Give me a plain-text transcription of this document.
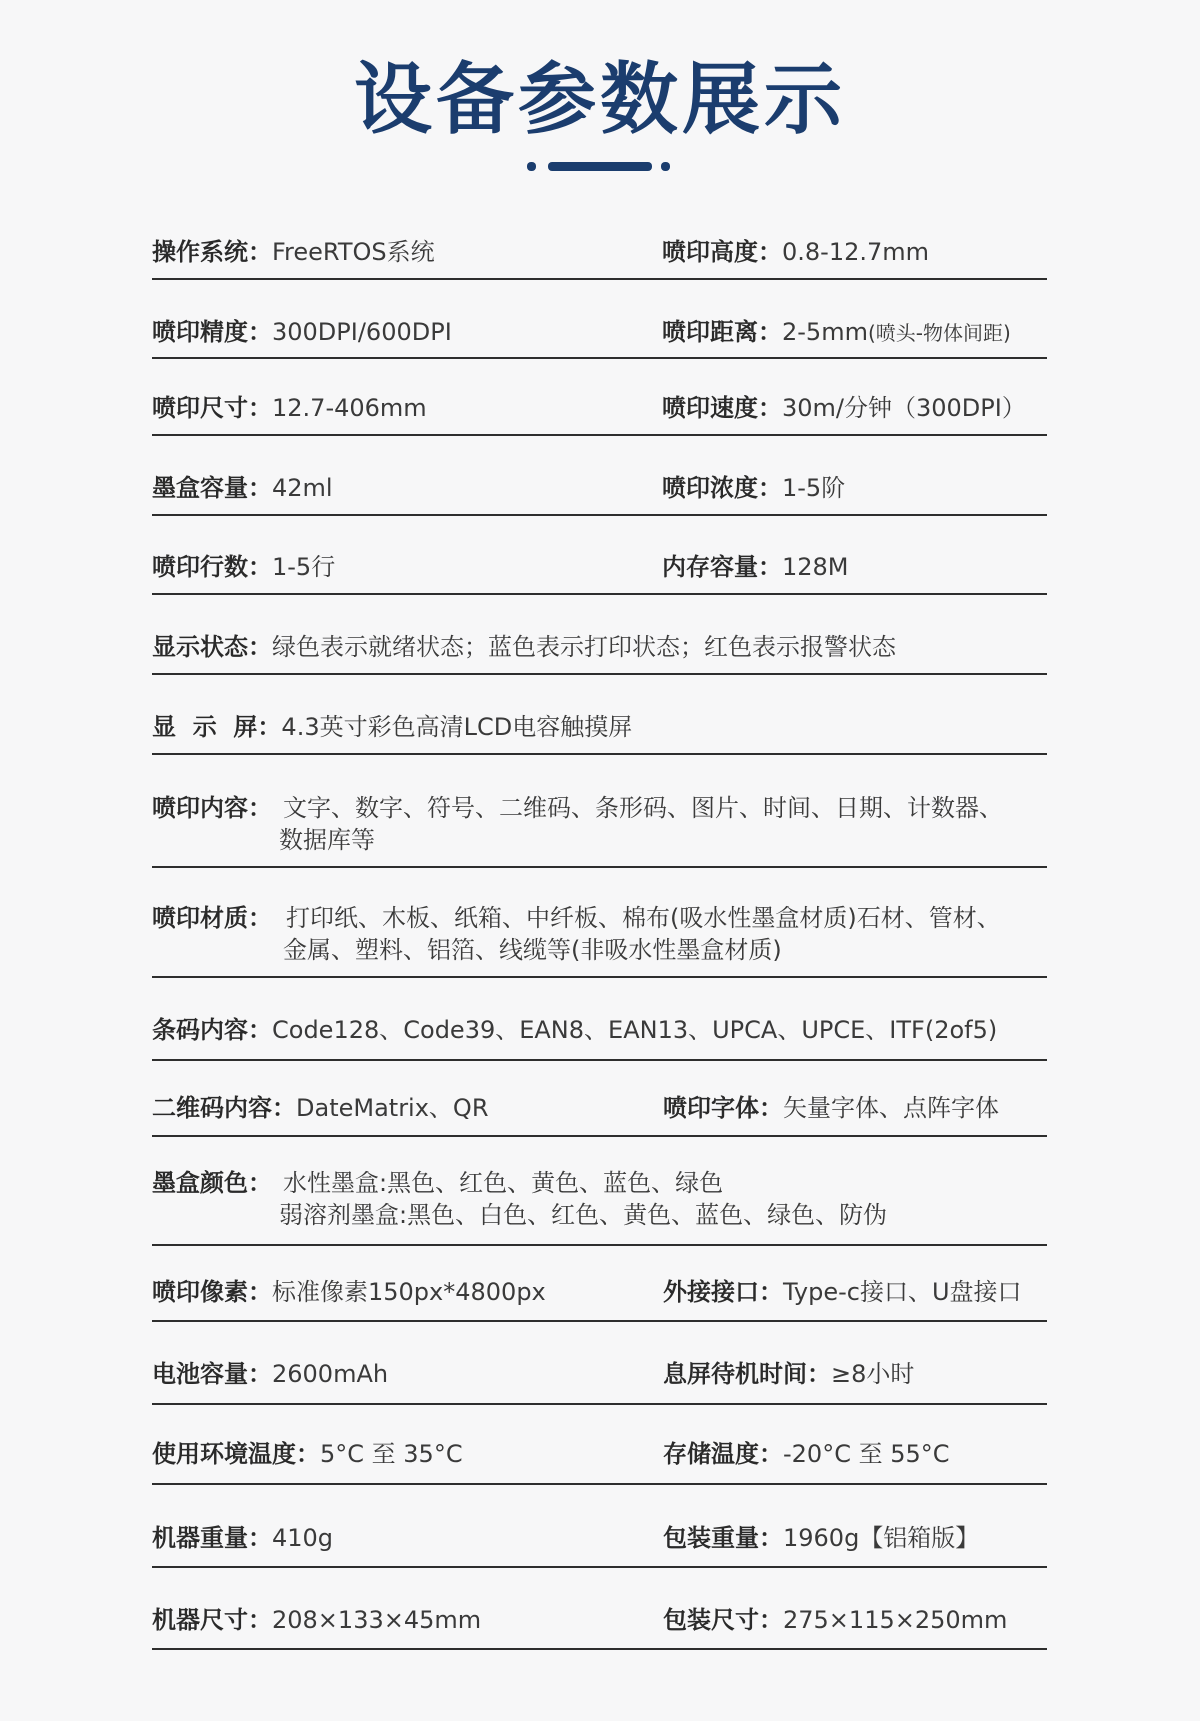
设备参数展示
操作系统：FreeRTOS系统	喷印高度：0.8-12.7mm
喷印精度：300DPI/600DPI	喷印距离：2-5mm(喷头-物体间距)
喷印尺寸：12.7-406mm	喷印速度：30m/分钟（300DPI）
墨盒容量：42ml	喷印浓度：1-5阶
喷印行数：1-5行	内存容量：128M
显示状态：绿色表示就绪状态；蓝色表示打印状态；红色表示报警状态
显  示  屏：4.3英寸彩色高清LCD电容触摸屏
喷印内容： 文字、数字、符号、二维码、条形码、图片、时间、日期、计数器、
数据库等
喷印材质： 打印纸、木板、纸箱、中纤板、棉布(吸水性墨盒材质)石材、管材、
金属、塑料、铝箔、线缆等(非吸水性墨盒材质)
条码内容：Code128、Code39、EAN8、EAN13、UPCA、UPCE、ITF(2of5)
二维码内容：DateMatrix、QR	喷印字体：矢量字体、点阵字体
墨盒颜色： 水性墨盒:黑色、红色、黄色、蓝色、绿色
弱溶剂墨盒:黑色、白色、红色、黄色、蓝色、绿色、防伪
喷印像素：标准像素150px*4800px	外接接口：Type-c接口、U盘接口
电池容量：2600mAh	息屏待机时间：≥8小时
使用环境温度：5°C 至 35°C	存储温度：-20°C 至 55°C
机器重量：410g	包装重量：1960g【铝箱版】
机器尺寸：208×133×45mm	包装尺寸：275×115×250mm
